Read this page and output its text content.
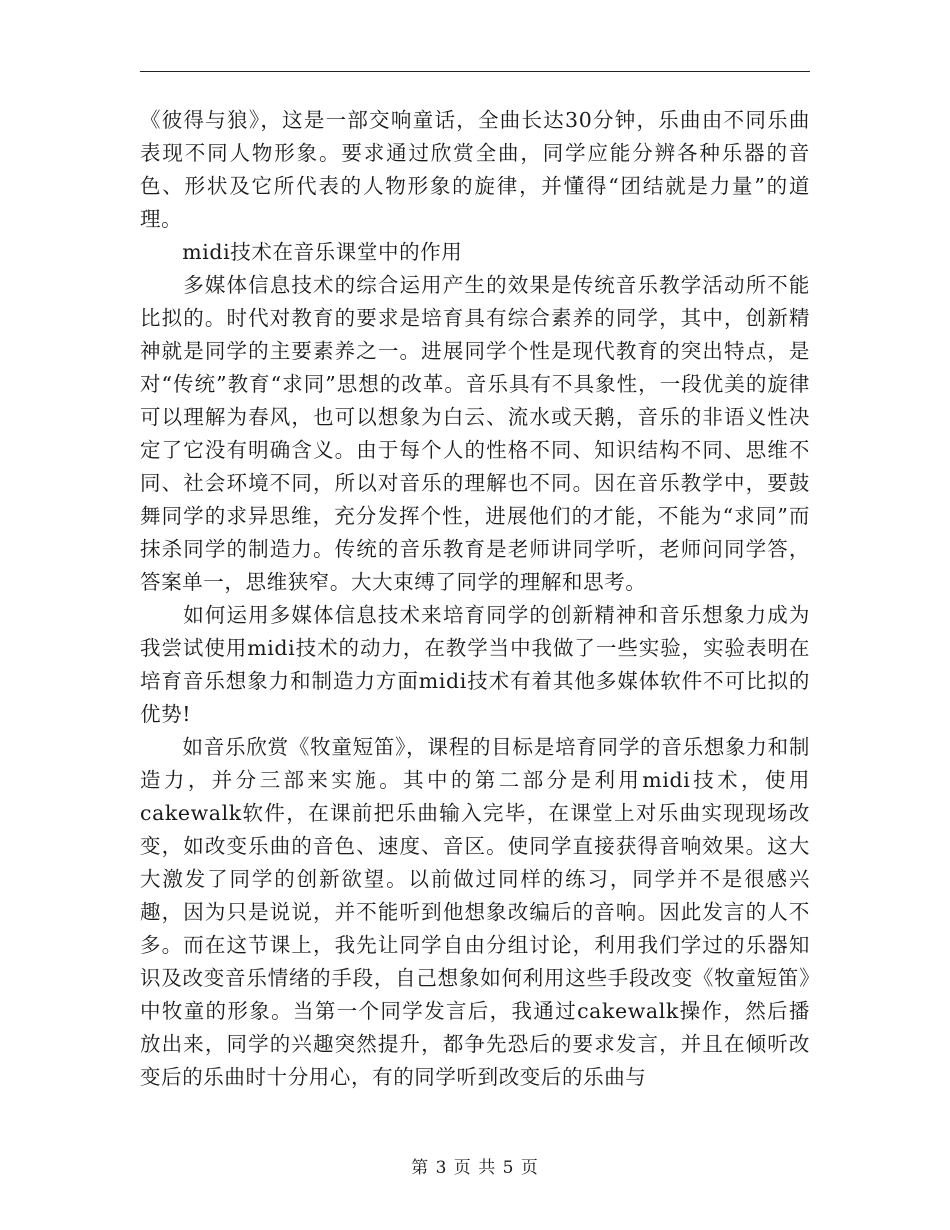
《彼得与狼》，这是一部交响童话，全曲长达30分钟，乐曲由不同乐曲表现不同人物形象。要求通过欣赏全曲，同学应能分辨各种乐器的音色、形状及它所代表的人物形象的旋律，并懂得“团结就是力量”的道理。

　　midi技术在音乐课堂中的作用

　　多媒体信息技术的综合运用产生的效果是传统音乐教学活动所不能比拟的。时代对教育的要求是培育具有综合素养的同学，其中，创新精神就是同学的主要素养之一。进展同学个性是现代教育的突出特点，是对“传统”教育“求同”思想的改革。音乐具有不具象性，一段优美的旋律可以理解为春风，也可以想象为白云、流水或天鹅，音乐的非语义性决定了它没有明确含义。由于每个人的性格不同、知识结构不同、思维不同、社会环境不同，所以对音乐的理解也不同。因在音乐教学中，要鼓舞同学的求异思维，充分发挥个性，进展他们的才能，不能为“求同”而抹杀同学的制造力。传统的音乐教育是老师讲同学听，老师问同学答，答案单一，思维狭窄。大大束缚了同学的理解和思考。

　　如何运用多媒体信息技术来培育同学的创新精神和音乐想象力成为我尝试使用midi技术的动力，在教学当中我做了一些实验，实验表明在培育音乐想象力和制造力方面midi技术有着其他多媒体软件不可比拟的优势!

　　如音乐欣赏《牧童短笛》，课程的目标是培育同学的音乐想象力和制造力，并分三部来实施。其中的第二部分是利用midi技术，使用cakewalk软件，在课前把乐曲输入完毕，在课堂上对乐曲实现现场改变，如改变乐曲的音色、速度、音区。使同学直接获得音响效果。这大大激发了同学的创新欲望。以前做过同样的练习，同学并不是很感兴趣，因为只是说说，并不能听到他想象改编后的音响。因此发言的人不多。而在这节课上，我先让同学自由分组讨论，利用我们学过的乐器知识及改变音乐情绪的手段，自己想象如何利用这些手段改变《牧童短笛》中牧童的形象。当第一个同学发言后，我通过cakewalk操作，然后播放出来，同学的兴趣突然提升，都争先恐后的要求发言，并且在倾听改变后的乐曲时十分用心，有的同学听到改变后的乐曲与

第 3 页 共 5 页
